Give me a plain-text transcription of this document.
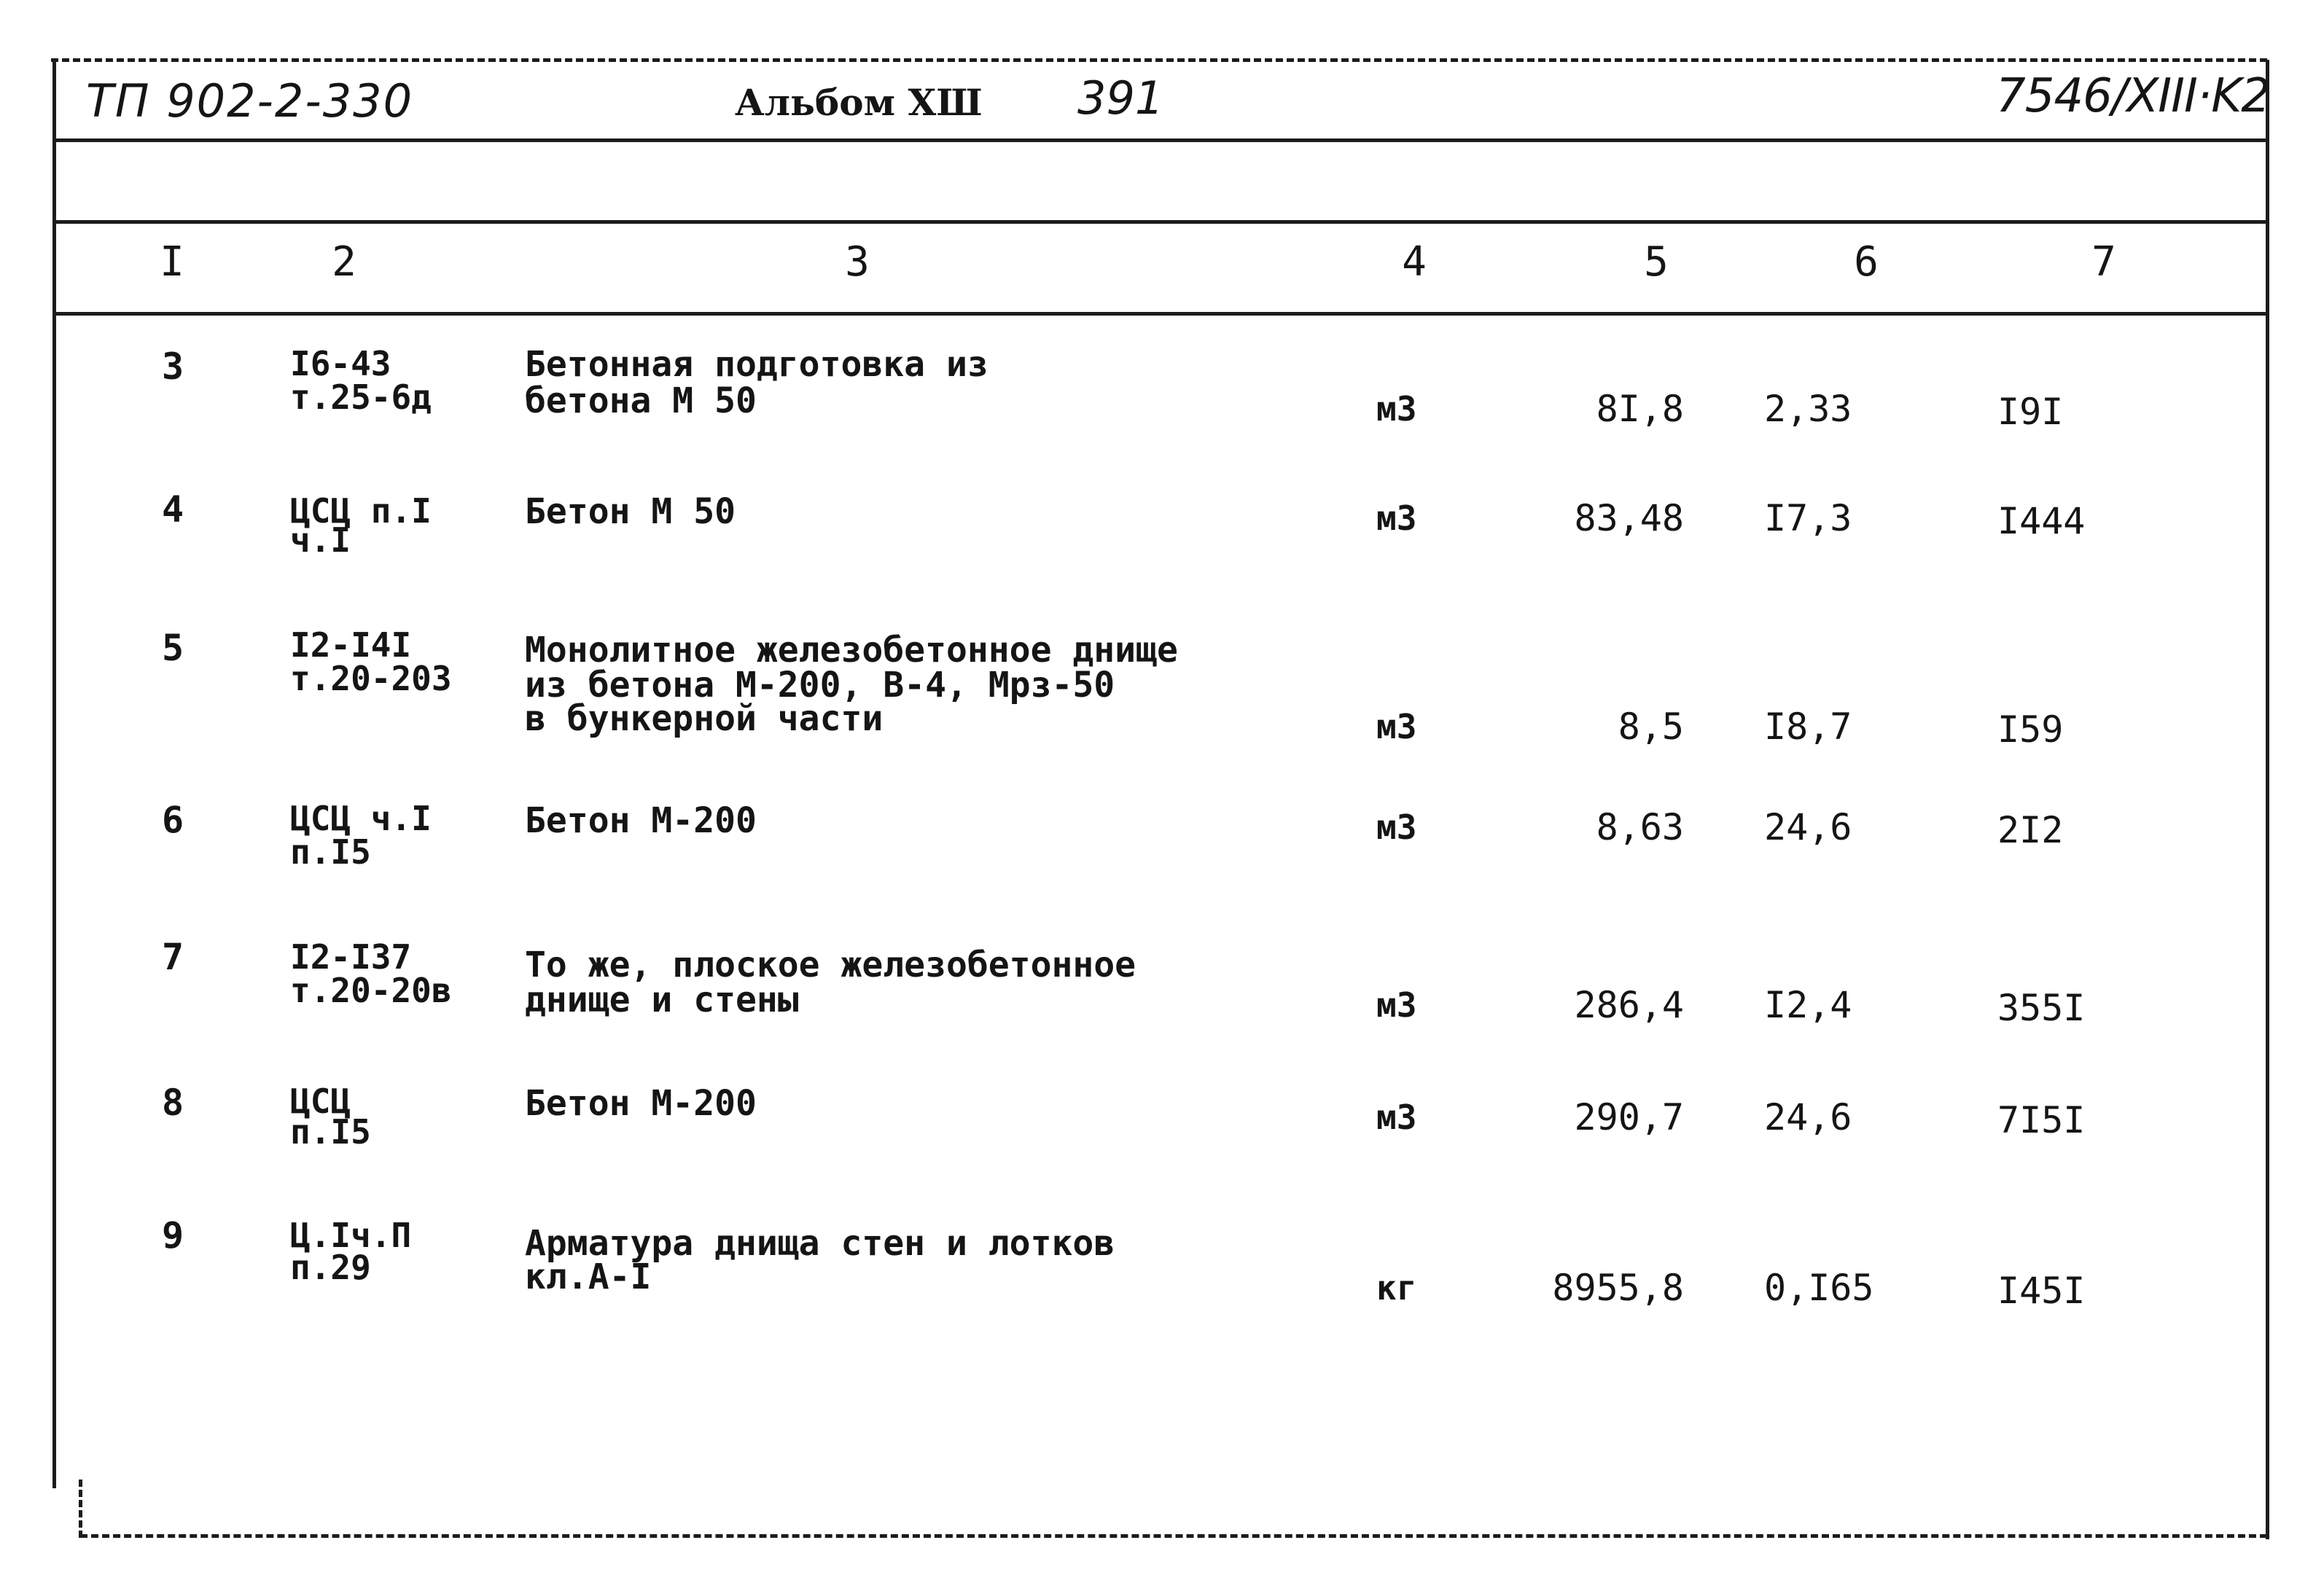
ТП 902-2-330	Альбом XШ 391	7546/XIII·K2
I	2	3	4	5	6	7
3	I6-43
т.25-6д
Бетонная подготовка из
бетона М 50	м3	8I,8 2,33	I9I
4	ЦСЦ п.I
ч.I
Бетон М 50	м3	83,48 I7,3	I444
5	I2-I4I
т.20-203
Монолитное железобетонное днище
из бетона М-200, В-4, Мрз-50
в бункерной части	м3	8,5 I8,7	I59
6	ЦСЦ ч.I
п.I5
Бетон М-200	м3	8,63 24,6	2I2
7	I2-I37
т.20-20в
То же, плоское железобетонное
днище и стены	м3	286,4 I2,4	355I
8	ЦСЦ
п.I5
Бетон М-200	м3	290,7 24,6	7I5I
9	Ц.Iч.П
п.29
Арматура днища стен и лотков
кл.А-I	кг	8955,8 0,I65	I45I
